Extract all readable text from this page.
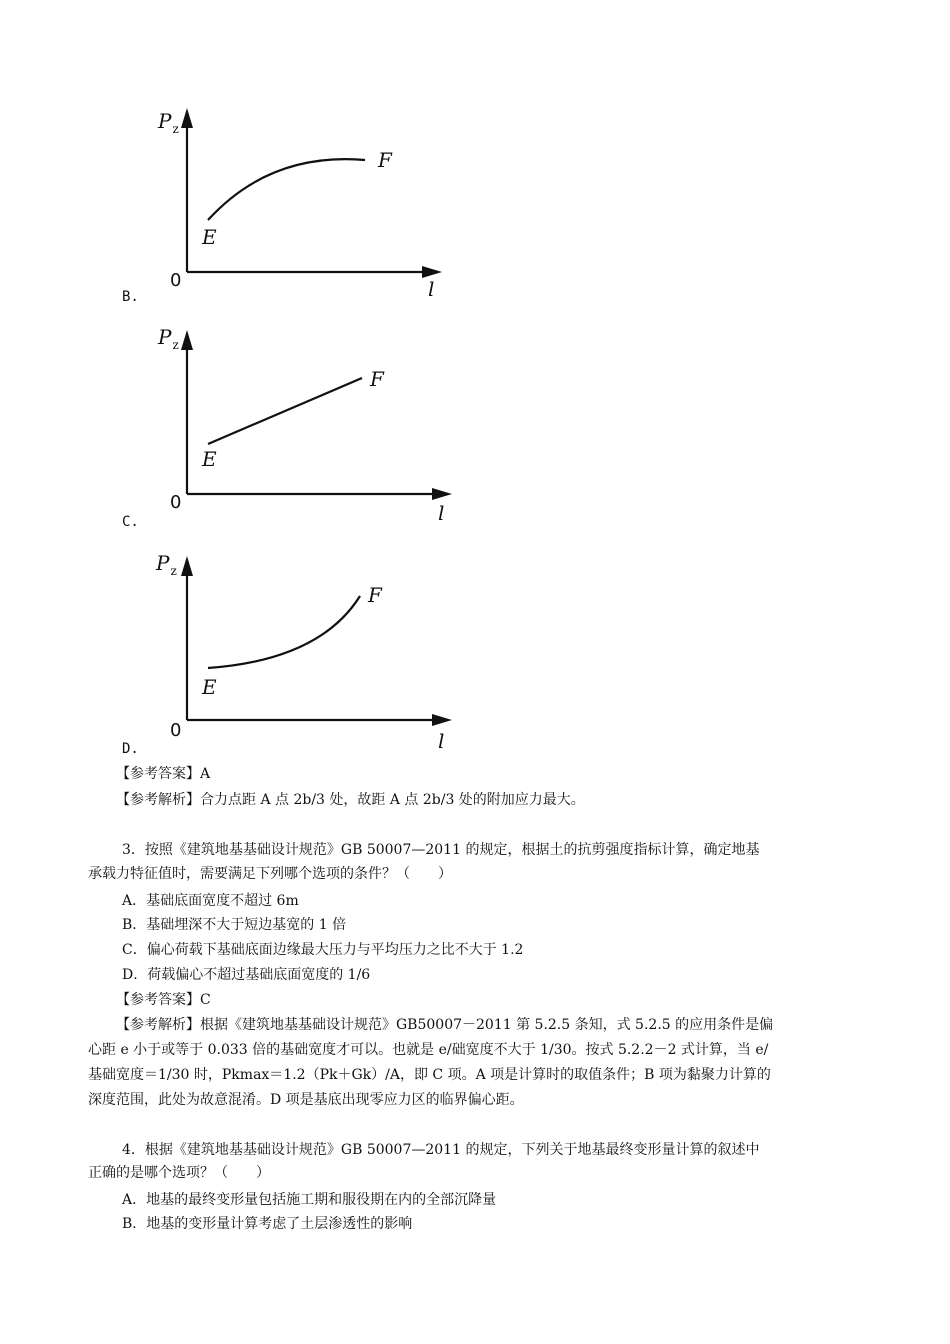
$P_z$
F
E
0	l
B.
$P_z$
F
E
0	l
C.
$P_z$
F
E
0	l
D.
【参考答案】A
【参考解析】合力点距 A 点 2b/3 处，故距 A 点 2b/3 处的附加应力最大。
3．按照《建筑地基基础设计规范》GB 50007—2011 的规定，根据土的抗剪强度指标计算，确定地基
承载力特征值时，需要满足下列哪个选项的条件？（　　）
A．基础底面宽度不超过 6m
B．基础埋深不大于短边基宽的 1 倍
C．偏心荷载下基础底面边缘最大压力与平均压力之比不大于 1.2
D．荷载偏心不超过基础底面宽度的 1/6
【参考答案】C
【参考解析】根据《建筑地基基础设计规范》GB50007－2011 第 5.2.5 条知，式 5.2.5 的应用条件是偏
心距 e 小于或等于 0.033 倍的基础宽度才可以。也就是 e/础宽度不大于 1/30。按式 5.2.2－2 式计算，当 e/
基础宽度＝1/30 时，Pkmax＝1.2（Pk＋Gk）/A，即 C 项。A 项是计算时的取值条件；B 项为黏聚力计算的
深度范围，此处为故意混淆。D 项是基底出现零应力区的临界偏心距。
4．根据《建筑地基基础设计规范》GB 50007—2011 的规定，下列关于地基最终变形量计算的叙述中
正确的是哪个选项？（　　）
A．地基的最终变形量包括施工期和服役期在内的全部沉降量
B．地基的变形量计算考虑了土层渗透性的影响
